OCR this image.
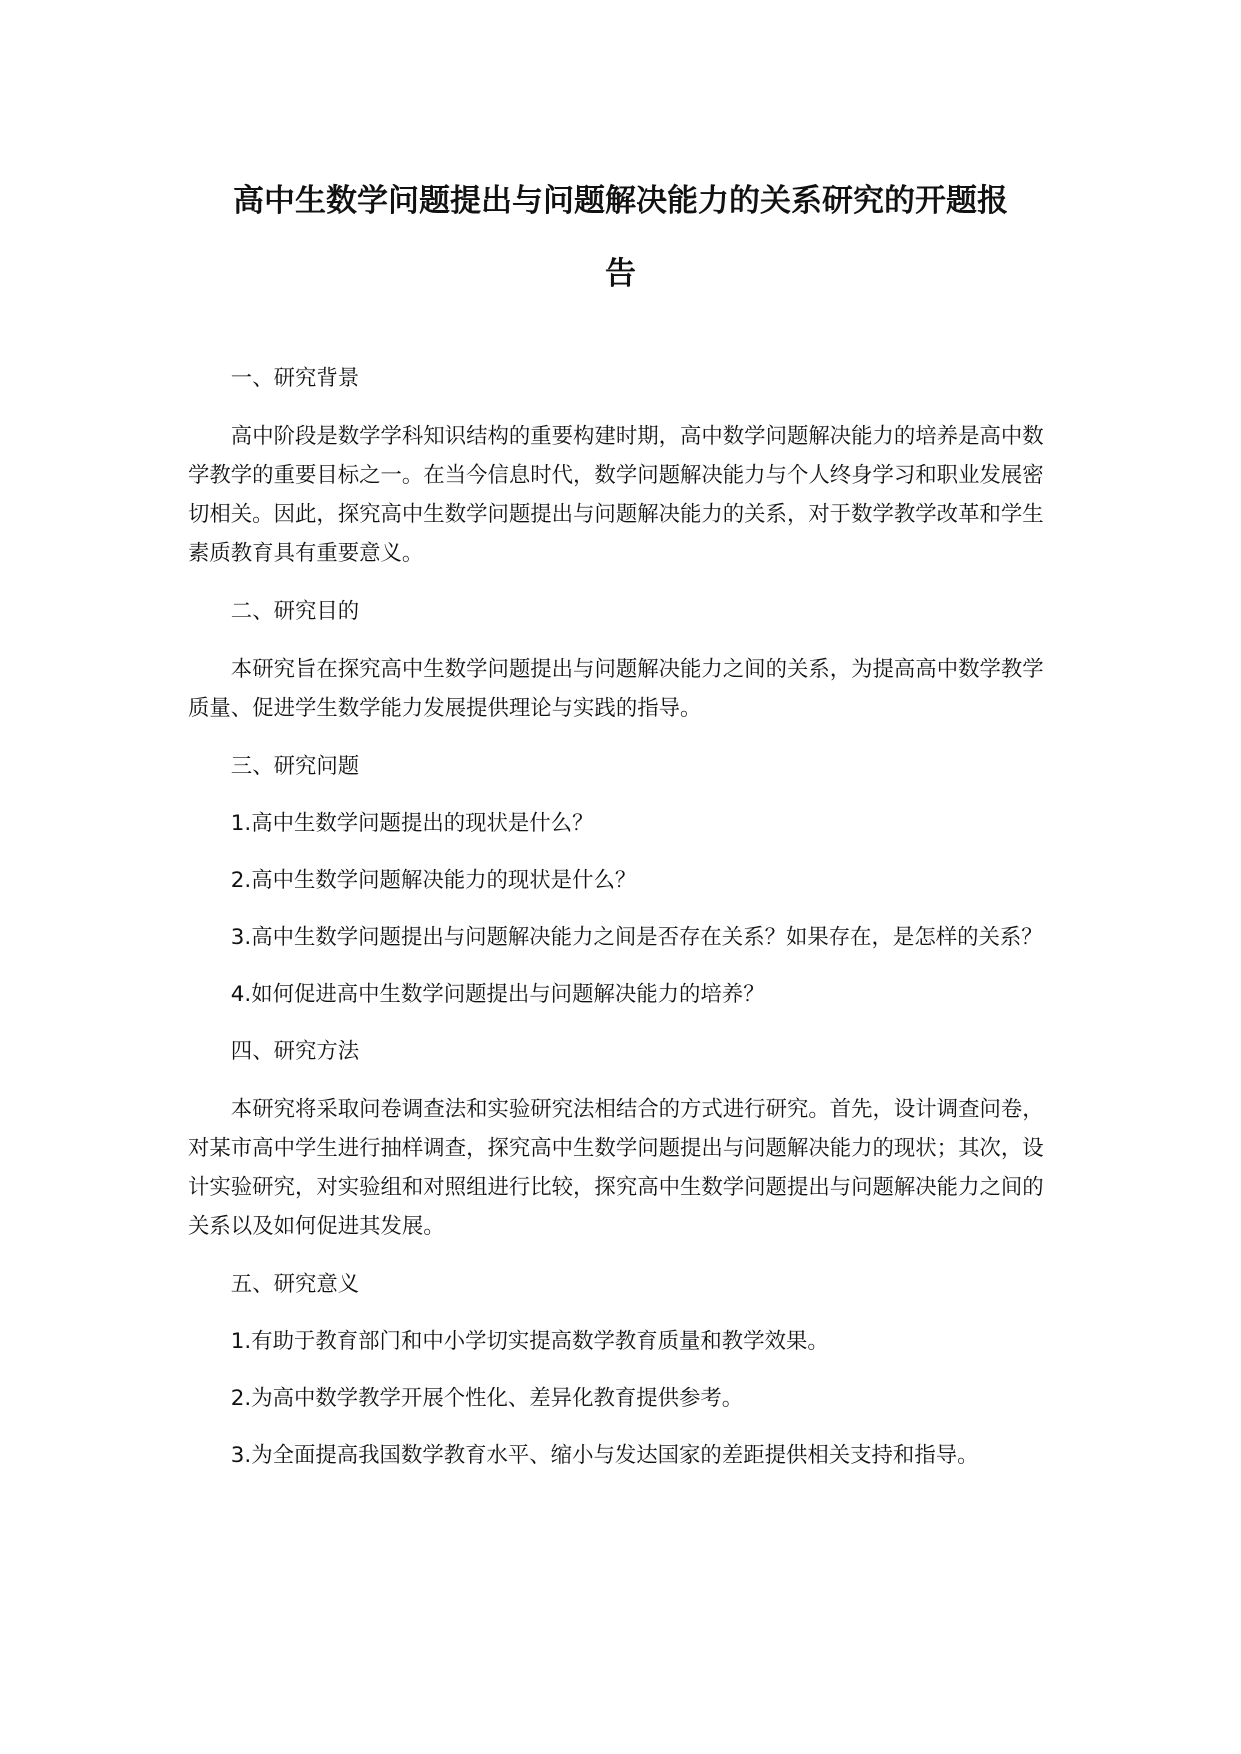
高中生数学问题提出与问题解决能力的关系研究的开题报
告

一、研究背景

高中阶段是数学学科知识结构的重要构建时期，高中数学问题解决能力的培养是高中数学教学的重要目标之一。在当今信息时代，数学问题解决能力与个人终身学习和职业发展密切相关。因此，探究高中生数学问题提出与问题解决能力的关系，对于数学教学改革和学生素质教育具有重要意义。

二、研究目的

本研究旨在探究高中生数学问题提出与问题解决能力之间的关系，为提高高中数学教学质量、促进学生数学能力发展提供理论与实践的指导。

三、研究问题

1.高中生数学问题提出的现状是什么？

2.高中生数学问题解决能力的现状是什么？

3.高中生数学问题提出与问题解决能力之间是否存在关系？如果存在，是怎样的关系？

4.如何促进高中生数学问题提出与问题解决能力的培养？

四、研究方法

本研究将采取问卷调查法和实验研究法相结合的方式进行研究。首先，设计调查问卷，对某市高中学生进行抽样调查，探究高中生数学问题提出与问题解决能力的现状；其次，设计实验研究，对实验组和对照组进行比较，探究高中生数学问题提出与问题解决能力之间的关系以及如何促进其发展。

五、研究意义

1.有助于教育部门和中小学切实提高数学教育质量和教学效果。

2.为高中数学教学开展个性化、差异化教育提供参考。

3.为全面提高我国数学教育水平、缩小与发达国家的差距提供相关支持和指导。
